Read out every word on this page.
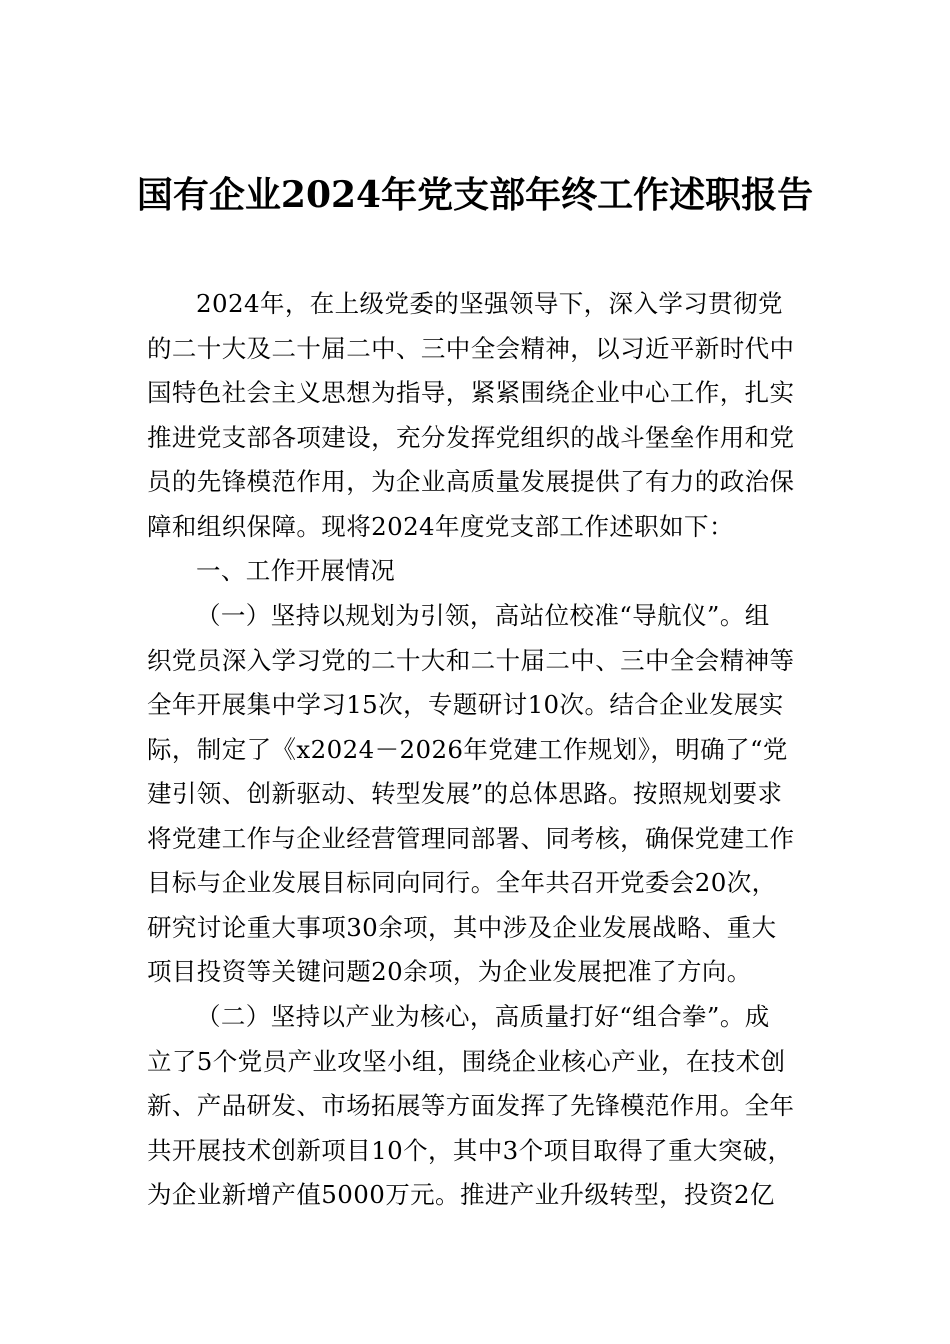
国有企业2024年党支部年终工作述职报告
2024年，在上级党委的坚强领导下，深入学习贯彻党
的二十大及二十届二中、三中全会精神，以习近平新时代中
国特色社会主义思想为指导，紧紧围绕企业中心工作，扎实
推进党支部各项建设，充分发挥党组织的战斗堡垒作用和党
员的先锋模范作用，为企业高质量发展提供了有力的政治保
障和组织保障。现将2024年度党支部工作述职如下：
一、工作开展情况
（一）坚持以规划为引领，高站位校准“导航仪”。组
织党员深入学习党的二十大和二十届二中、三中全会精神等
全年开展集中学习15次，专题研讨10次。结合企业发展实
际，制定了《x2024－2026年党建工作规划》，明确了“党
建引领、创新驱动、转型发展”的总体思路。按照规划要求
将党建工作与企业经营管理同部署、同考核，确保党建工作
目标与企业发展目标同向同行。全年共召开党委会20次，
研究讨论重大事项30余项，其中涉及企业发展战略、重大
项目投资等关键问题20余项，为企业发展把准了方向。
（二）坚持以产业为核心，高质量打好“组合拳”。成
立了5个党员产业攻坚小组，围绕企业核心产业，在技术创
新、产品研发、市场拓展等方面发挥了先锋模范作用。全年
共开展技术创新项目10个，其中3个项目取得了重大突破，
为企业新增产值5000万元。推进产业升级转型，投资2亿
